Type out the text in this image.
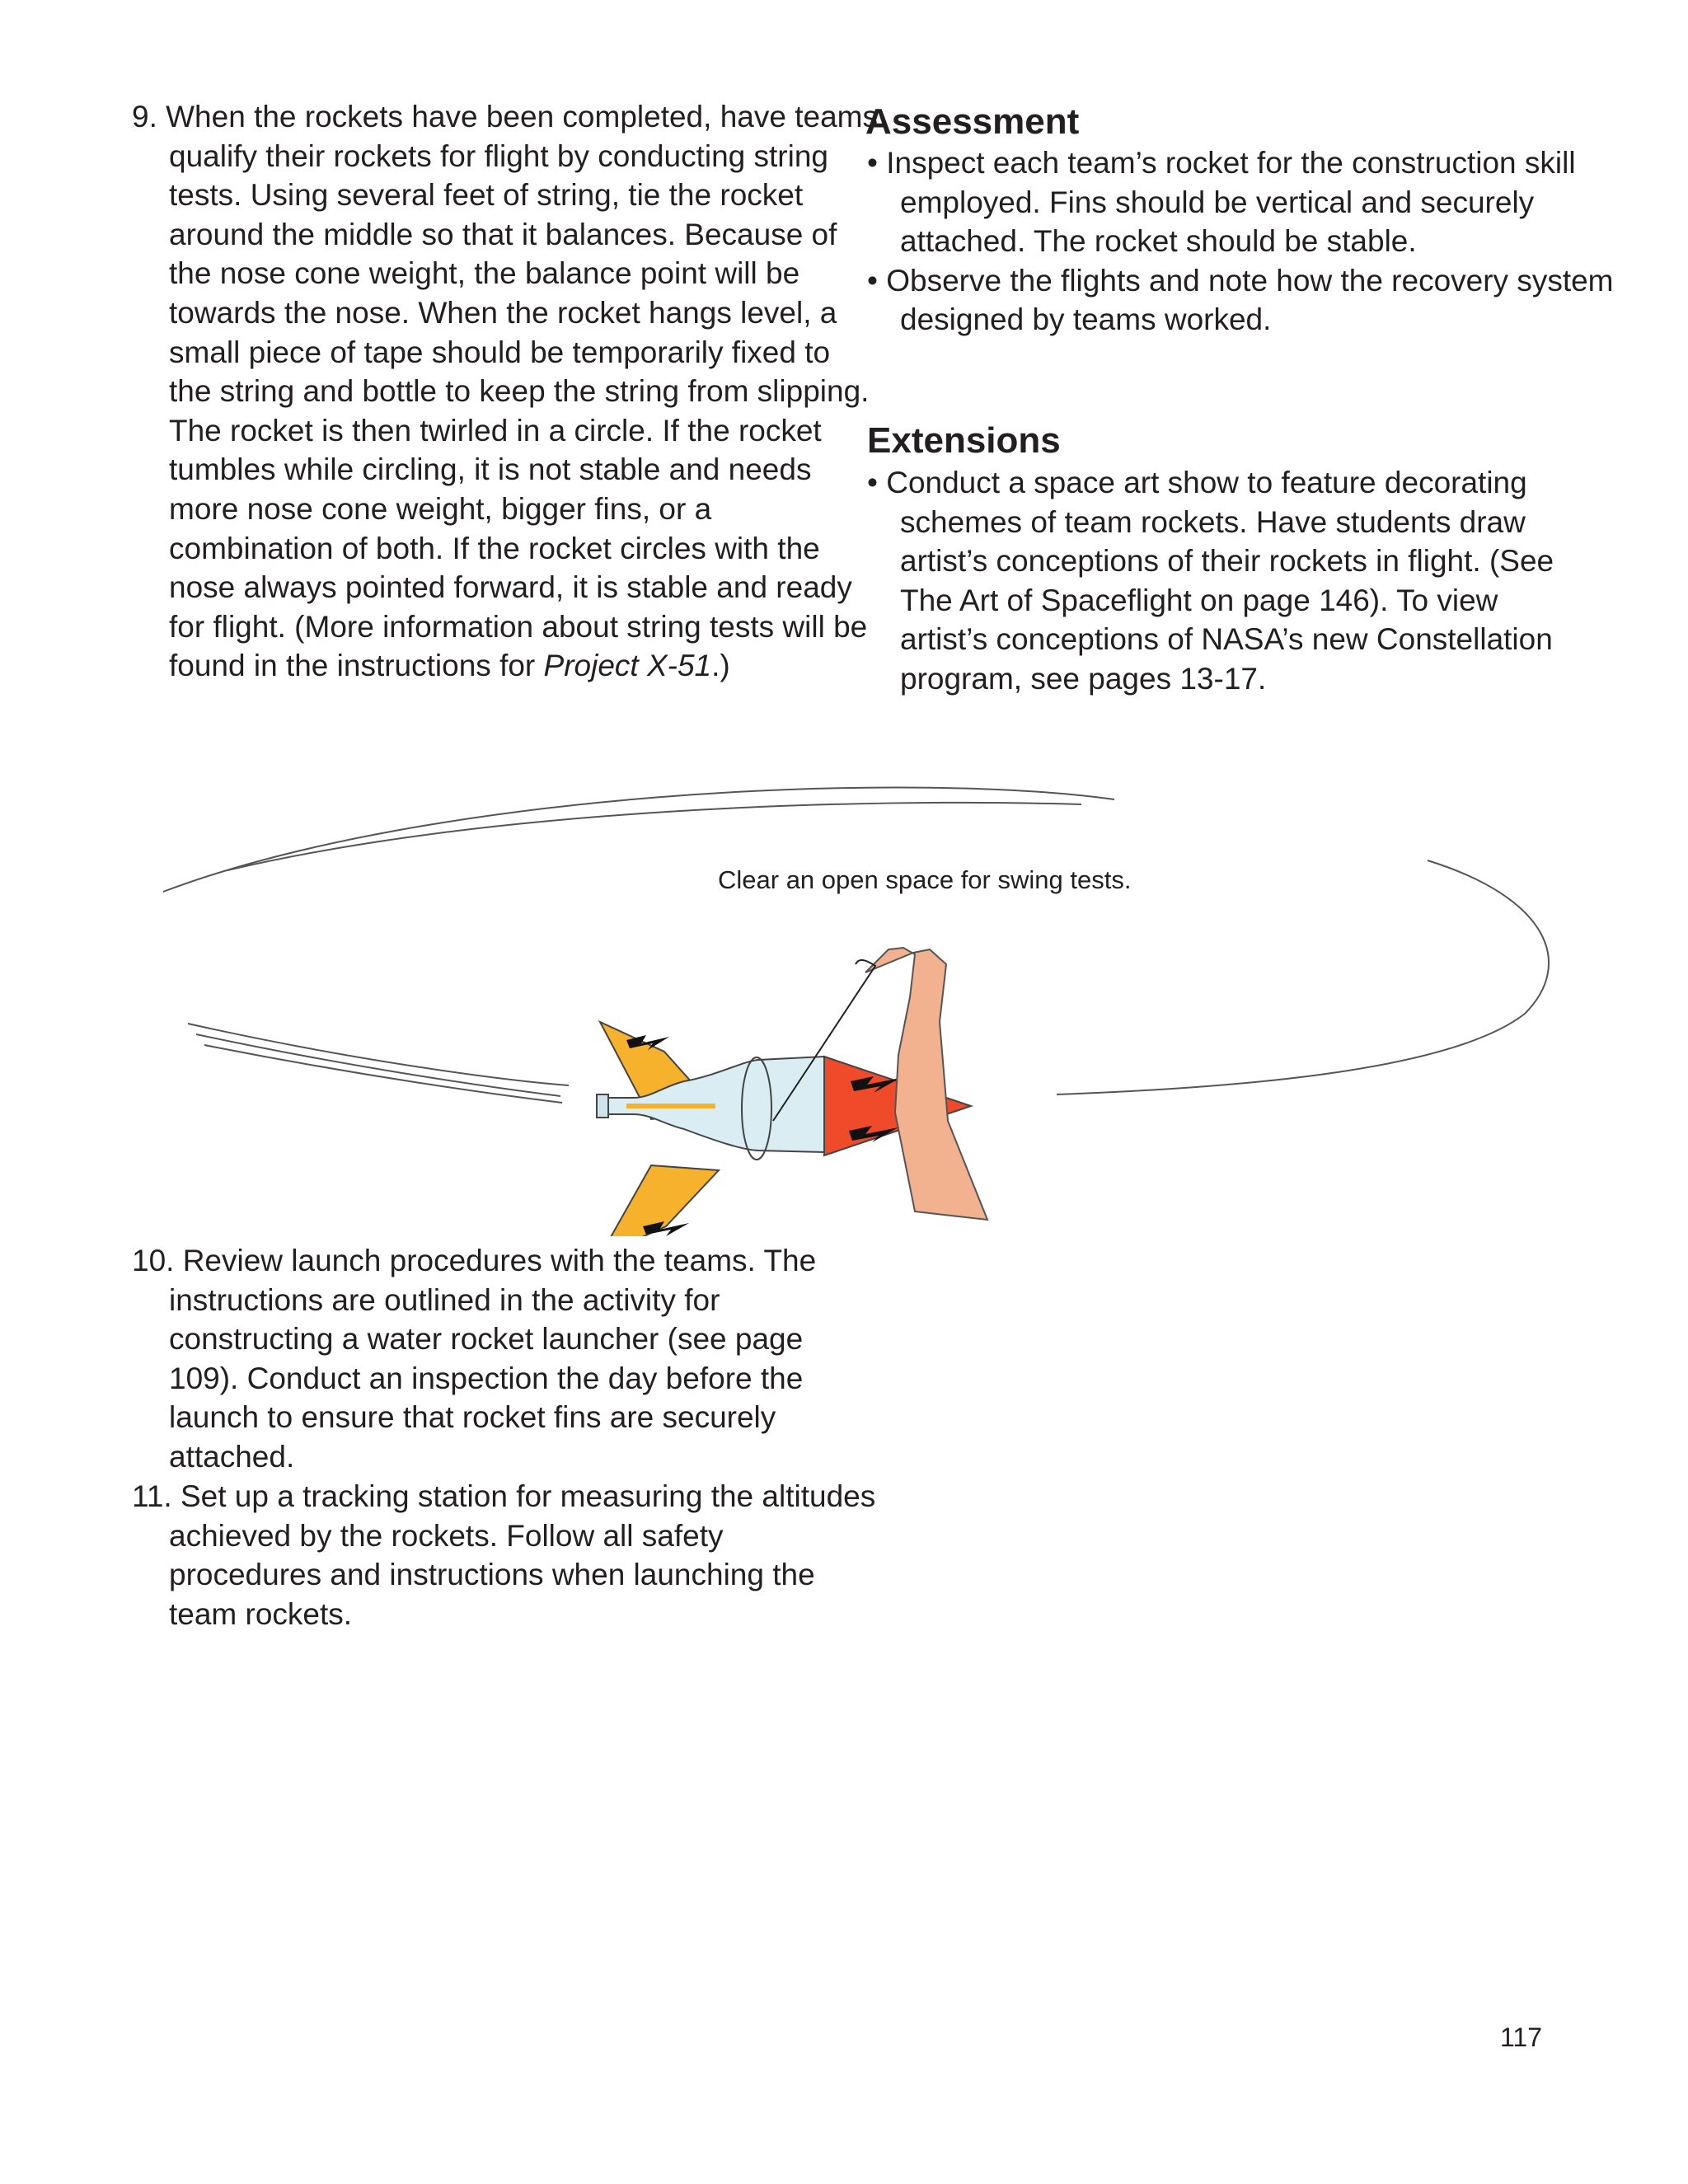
9. When the rockets have been completed, have teams qualify their rockets for flight by conducting string tests. Using several feet of string, tie the rocket around the middle so that it balances. Because of the nose cone weight, the balance point will be towards the nose. When the rocket hangs level, a small piece of tape should be temporarily fixed to the string and bottle to keep the string from slipping. The rocket is then twirled in a circle. If the rocket tumbles while circling, it is not stable and needs more nose cone weight, bigger fins, or a combination of both. If the rocket circles with the nose always pointed forward, it is stable and ready for flight. (More information about string tests will be found in the instructions for Project X-51.)

Assessment
• Inspect each team’s rocket for the construction skill employed. Fins should be vertical and securely attached. The rocket should be stable.
• Observe the flights and note how the recovery system designed by teams worked.
Extensions
• Conduct a space art show to feature decorating schemes of team rockets. Have students draw artist’s conceptions of their rockets in flight. (See The Art of Spaceflight on page 146). To view artist’s conceptions of NASA’s new Constellation program, see pages 13-17.

Clear an open space for swing tests.

10. Review launch procedures with the teams. The instructions are outlined in the activity for constructing a water rocket launcher (see page 109). Conduct an inspection the day before the launch to ensure that rocket fins are securely attached.

11. Set up a tracking station for measuring the altitudes achieved by the rockets. Follow all safety procedures and instructions when launching the team rockets.

117
